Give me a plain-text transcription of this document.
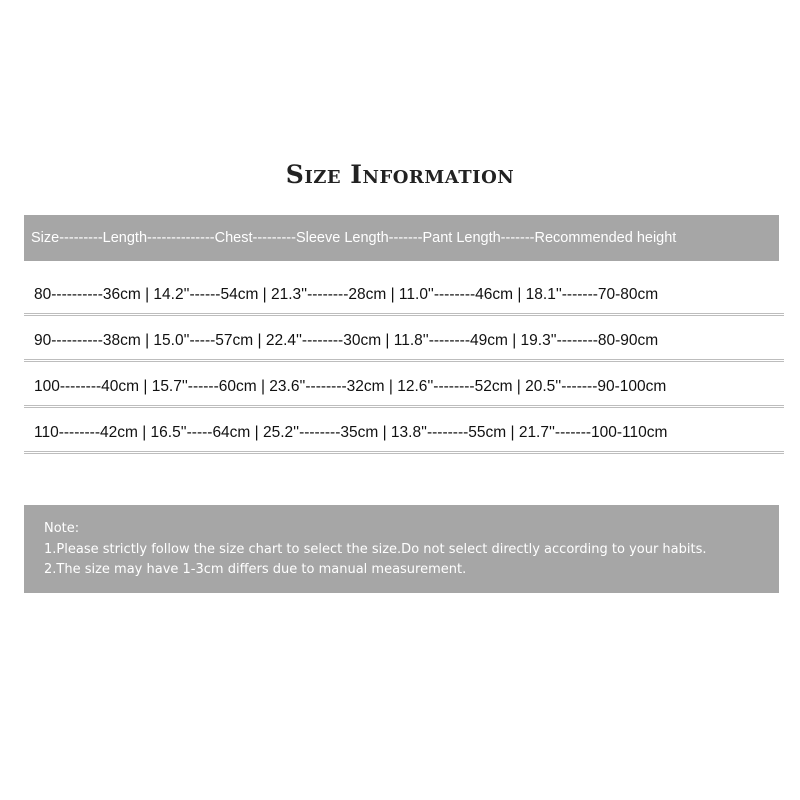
Size Information
Size---------Length--------------Chest---------Sleeve Length-------Pant Length-------Recommended height
80----------36cm | 14.2''------54cm | 21.3''--------28cm | 11.0''--------46cm | 18.1''-------70-80cm
90----------38cm | 15.0''-----57cm | 22.4''--------30cm | 11.8''--------49cm | 19.3''--------80-90cm
100--------40cm | 15.7''------60cm | 23.6''--------32cm | 12.6''--------52cm | 20.5''-------90-100cm
110--------42cm | 16.5''-----64cm | 25.2''--------35cm | 13.8''--------55cm | 21.7''-------100-110cm
Note:
1.Please strictly follow the size chart to select the size.Do not select directly according to your habits.
2.The size may have 1-3cm differs due to manual measurement.
